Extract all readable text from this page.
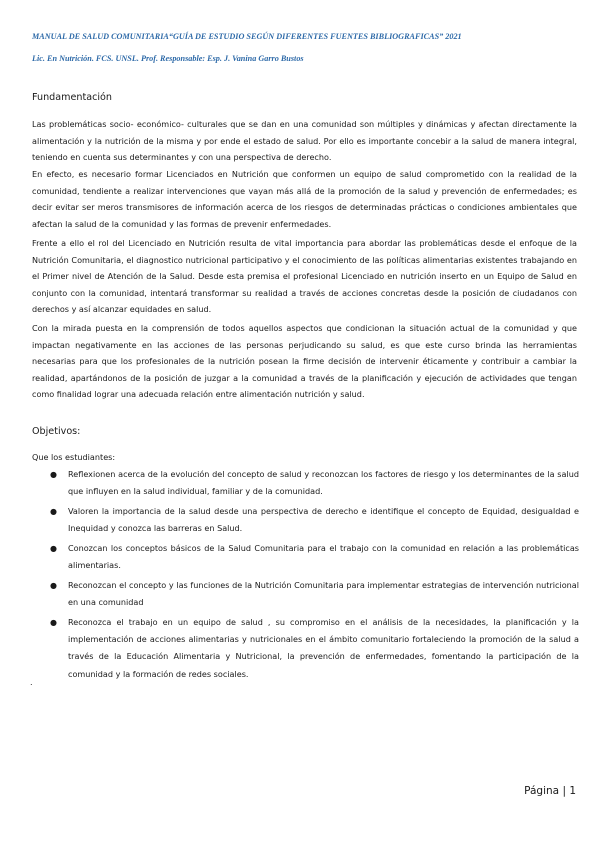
MANUAL DE SALUD COMUNITARIA“GUÍA DE ESTUDIO SEGÚN DIFERENTES FUENTES BIBLIOGRAFICAS” 2021
Lic. En Nutrición. FCS. UNSL. Prof. Responsable: Esp. J. Vanina Garro Bustos
Fundamentación

Las problemáticas socio- económico- culturales que se dan en una comunidad son múltiples y dinámicas y afectan directamente la alimentación y la nutrición de la misma y por ende el estado de salud. Por ello es importante concebir a la salud de manera integral, teniendo en cuenta sus determinantes y con una perspectiva de derecho.

En efecto, es necesario formar Licenciados en Nutrición que conformen un equipo de salud comprometido con la realidad de la comunidad, tendiente a realizar intervenciones que vayan más allá de la promoción de la salud y prevención de enfermedades; es decir evitar ser meros transmisores de información acerca de los riesgos de determinadas prácticas o condiciones ambientales que afectan la salud de la comunidad y las formas de prevenir enfermedades.

Frente a ello el rol del Licenciado en Nutrición resulta de vital importancia para abordar las problemáticas desde el enfoque de la Nutrición Comunitaria, el diagnostico nutricional participativo y el conocimiento de las políticas alimentarias existentes trabajando en el Primer nivel de Atención de la Salud. Desde esta premisa el profesional Licenciado en nutrición inserto en un Equipo de Salud en conjunto con la comunidad, intentará transformar su realidad a través de acciones concretas desde la posición de ciudadanos con derechos y así alcanzar equidades en salud.

Con la mirada puesta en la comprensión de todos aquellos aspectos que condicionan la situación actual de la comunidad y que impactan negativamente en las acciones de las personas perjudicando su salud, es que este curso brinda las herramientas necesarias para que los profesionales de la nutrición posean la firme decisión de intervenir éticamente y contribuir a cambiar la realidad, apartándonos de la posición de juzgar a la comunidad a través de la planificación y ejecución de actividades que tengan como finalidad lograr una adecuada relación entre alimentación nutrición y salud.

Objetivos:
Que los estudiantes:
● Reflexionen acerca de la evolución del concepto de salud y reconozcan los factores de riesgo y los determinantes de la salud que influyen en la salud individual, familiar y de la comunidad.
● Valoren la importancia de la salud desde una perspectiva de derecho e identifique el concepto de Equidad, desigualdad e Inequidad y conozca las barreras en Salud.
● Conozcan los conceptos básicos de la Salud Comunitaria para el trabajo con la comunidad en relación a las problemáticas alimentarias.
● Reconozcan el concepto y las funciones de la Nutrición Comunitaria para implementar estrategias de intervención nutricional en una comunidad
● Reconozca el trabajo en un equipo de salud , su compromiso en el análisis de la necesidades, la planificación y la implementación de acciones alimentarias y nutricionales en el ámbito comunitario fortaleciendo la promoción de la salud a través de la Educación Alimentaria y Nutricional, la prevención de enfermedades, fomentando la participación de la comunidad y la formación de redes sociales.
.
Página | 1
